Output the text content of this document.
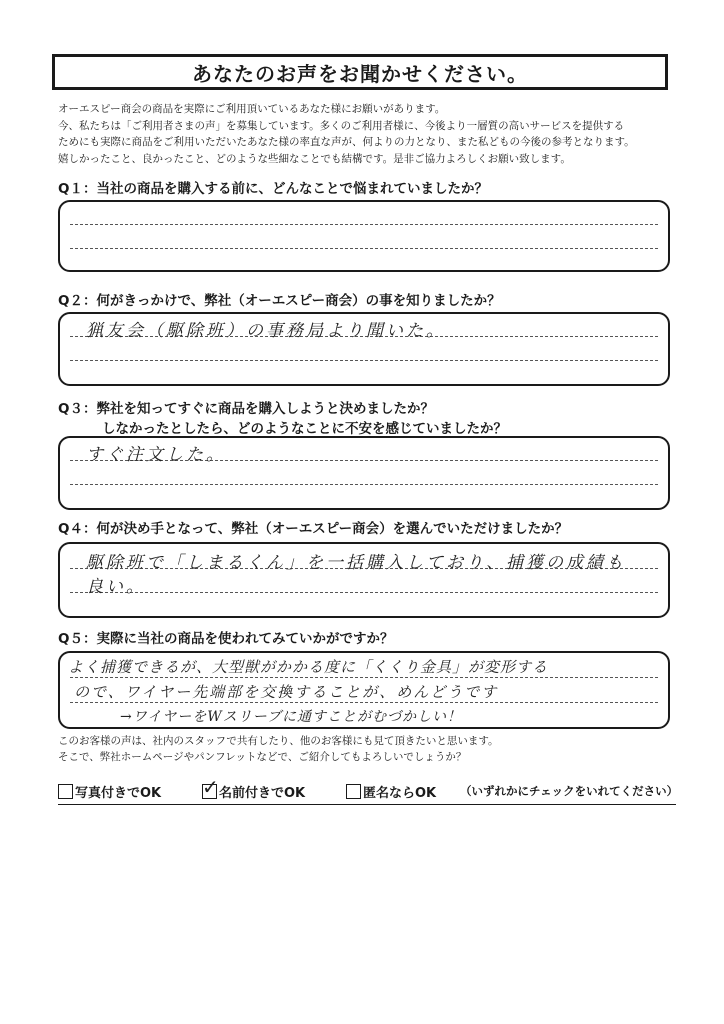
あなたのお声をお聞かせください。
オーエスピー商会の商品を実際にご利用頂いているあなた様にお願いがあります。
今、私たちは「ご利用者さまの声」を募集しています。多くのご利用者様に、今後より一層質の高いサービスを提供する
ためにも実際に商品をご利用いただいたあなた様の率直な声が、何よりの力となり、また私どもの今後の参考となります。
嬉しかったこと、良かったこと、どのような些細なことでも結構です。是非ご協力よろしくお願い致します。
Q１：当社の商品を購入する前に、どんなことで悩まれていましたか？
Q２：何がきっかけで、弊社（オーエスピー商会）の事を知りましたか？
猟友会（駆除班）の事務局より聞いた。
Q３：弊社を知ってすぐに商品を購入しようと決めましたか？
しなかったとしたら、どのようなことに不安を感じていましたか？
すぐ注文した。
Q４：何が決め手となって、弊社（オーエスピー商会）を選んでいただけましたか？
駆除班で「しまるくん」を一括購入しており、捕獲の成績も
良い。
Q５：実際に当社の商品を使われてみていかがですか？
よく捕獲できるが、大型獣がかかる度に「くくり金具」が変形する
ので、ワイヤー先端部を交換することが、めんどうです
→ワイヤーをWスリーブに通すことがむづかしい！
このお客様の声は、社内のスタッフで共有したり、他のお客様にも見て頂きたいと思います。
そこで、弊社ホームページやパンフレットなどで、ご紹介してもよろしいでしょうか？
写真付きでOK ✓ 名前付きでOK	匿名ならOK （いずれかにチェックをいれてください）
